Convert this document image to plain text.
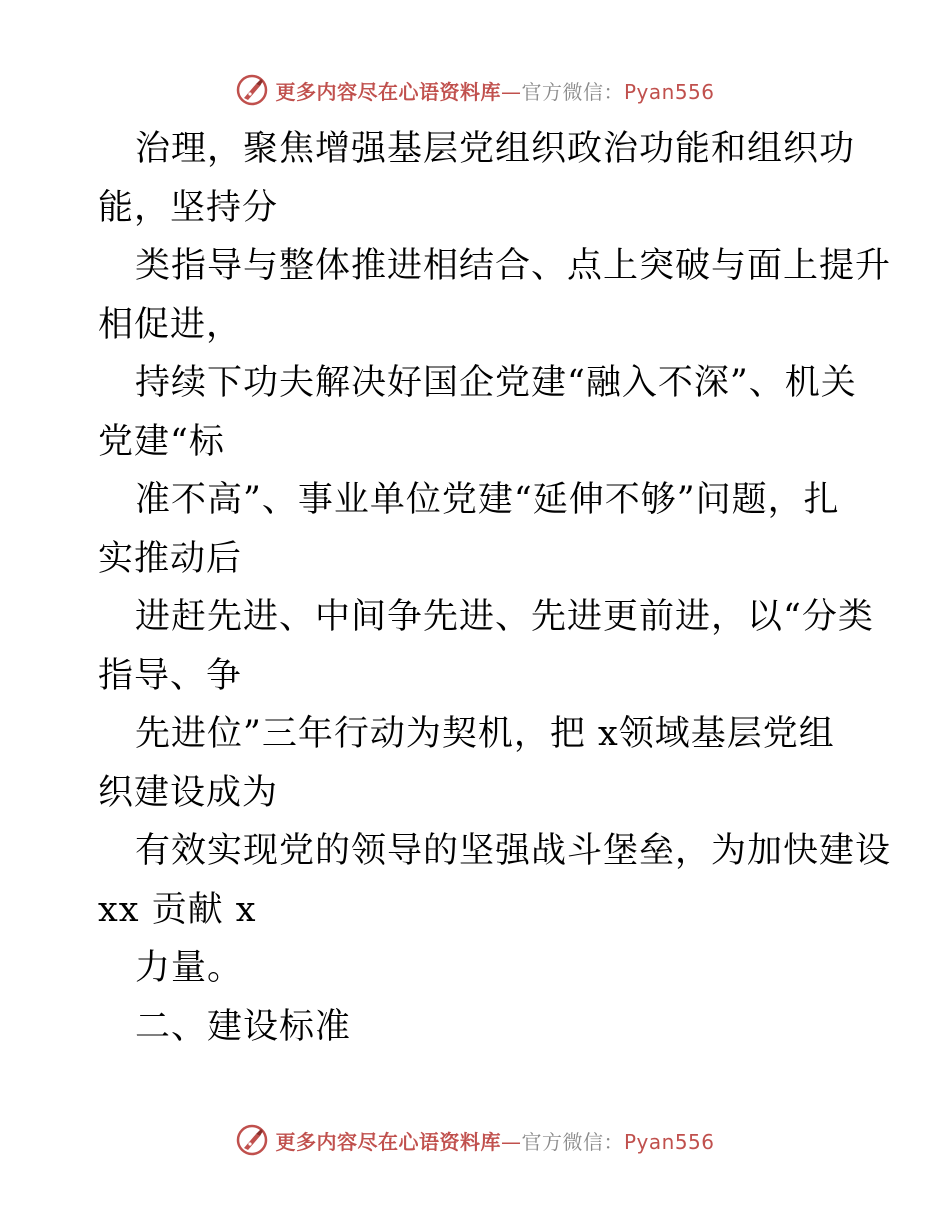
更多内容尽在心语资料库—官方微信：Pyan556
治理，聚焦增强基层党组织政治功能和组织功
能，坚持分
类指导与整体推进相结合、点上突破与面上提升
相促进，
持续下功夫解决好国企党建“融入不深”、机关
党建“标
准不高”、事业单位党建“延伸不够”问题，扎
实推动后
进赶先进、中间争先进、先进更前进，以“分类
指导、争
先进位”三年行动为契机，把 x领域基层党组
织建设成为
有效实现党的领导的坚强战斗堡垒，为加快建设
xx 贡献 x
力量。
二、建设标准
更多内容尽在心语资料库—官方微信：Pyan556
